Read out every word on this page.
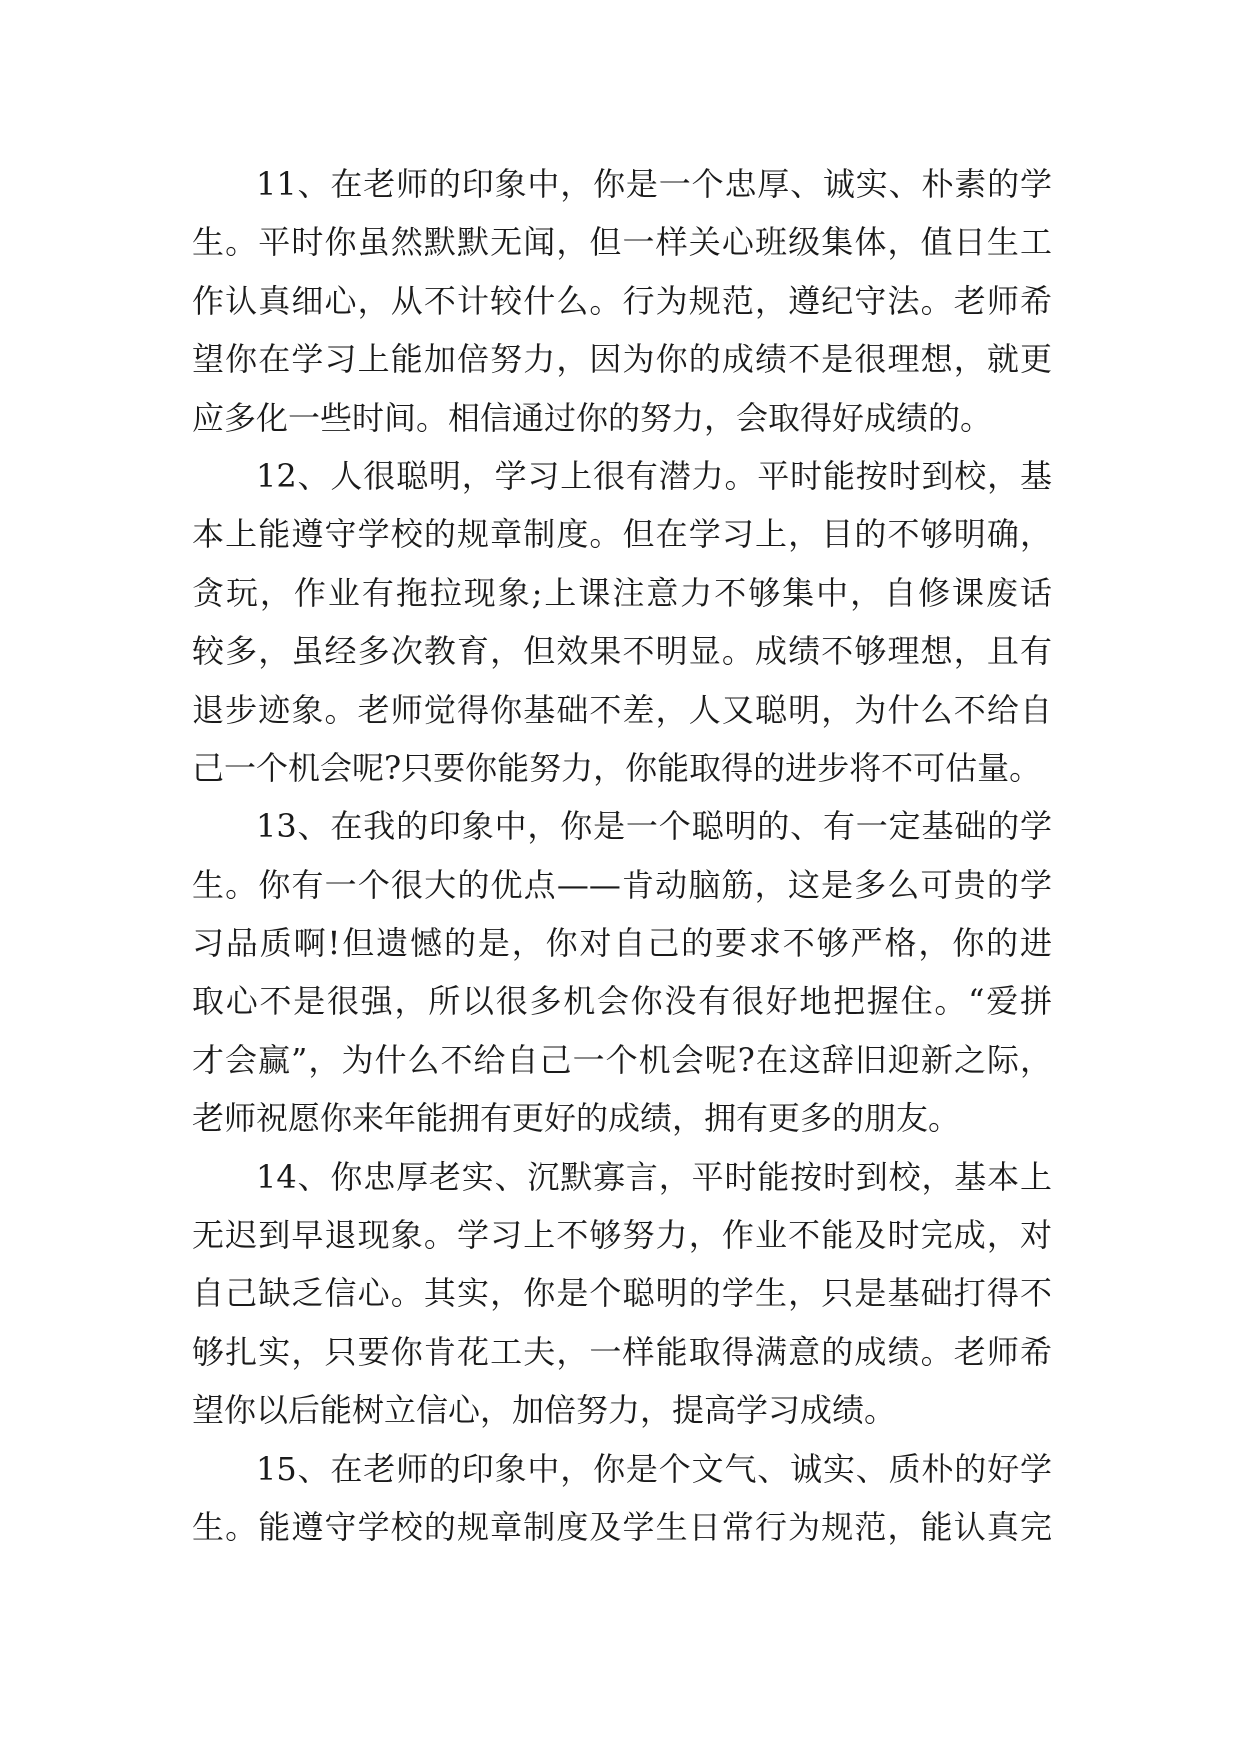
11、在老师的印象中，你是一个忠厚、诚实、朴素的学
生。平时你虽然默默无闻，但一样关心班级集体，值日生工
作认真细心，从不计较什么。行为规范，遵纪守法。老师希
望你在学习上能加倍努力，因为你的成绩不是很理想，就更
应多化一些时间。相信通过你的努力，会取得好成绩的。
12、人很聪明，学习上很有潜力。平时能按时到校，基
本上能遵守学校的规章制度。但在学习上，目的不够明确，
贪玩，作业有拖拉现象;上课注意力不够集中，自修课废话
较多，虽经多次教育，但效果不明显。成绩不够理想，且有
退步迹象。老师觉得你基础不差，人又聪明，为什么不给自
己一个机会呢?只要你能努力，你能取得的进步将不可估量。
13、在我的印象中，你是一个聪明的、有一定基础的学
生。你有一个很大的优点——肯动脑筋，这是多么可贵的学
习品质啊!但遗憾的是，你对自己的要求不够严格，你的进
取心不是很强，所以很多机会你没有很好地把握住。“爱拼
才会赢”，为什么不给自己一个机会呢?在这辞旧迎新之际，
老师祝愿你来年能拥有更好的成绩，拥有更多的朋友。
14、你忠厚老实、沉默寡言，平时能按时到校，基本上
无迟到早退现象。学习上不够努力，作业不能及时完成，对
自己缺乏信心。其实，你是个聪明的学生，只是基础打得不
够扎实，只要你肯花工夫，一样能取得满意的成绩。老师希
望你以后能树立信心，加倍努力，提高学习成绩。
15、在老师的印象中，你是个文气、诚实、质朴的好学
生。能遵守学校的规章制度及学生日常行为规范，能认真完
